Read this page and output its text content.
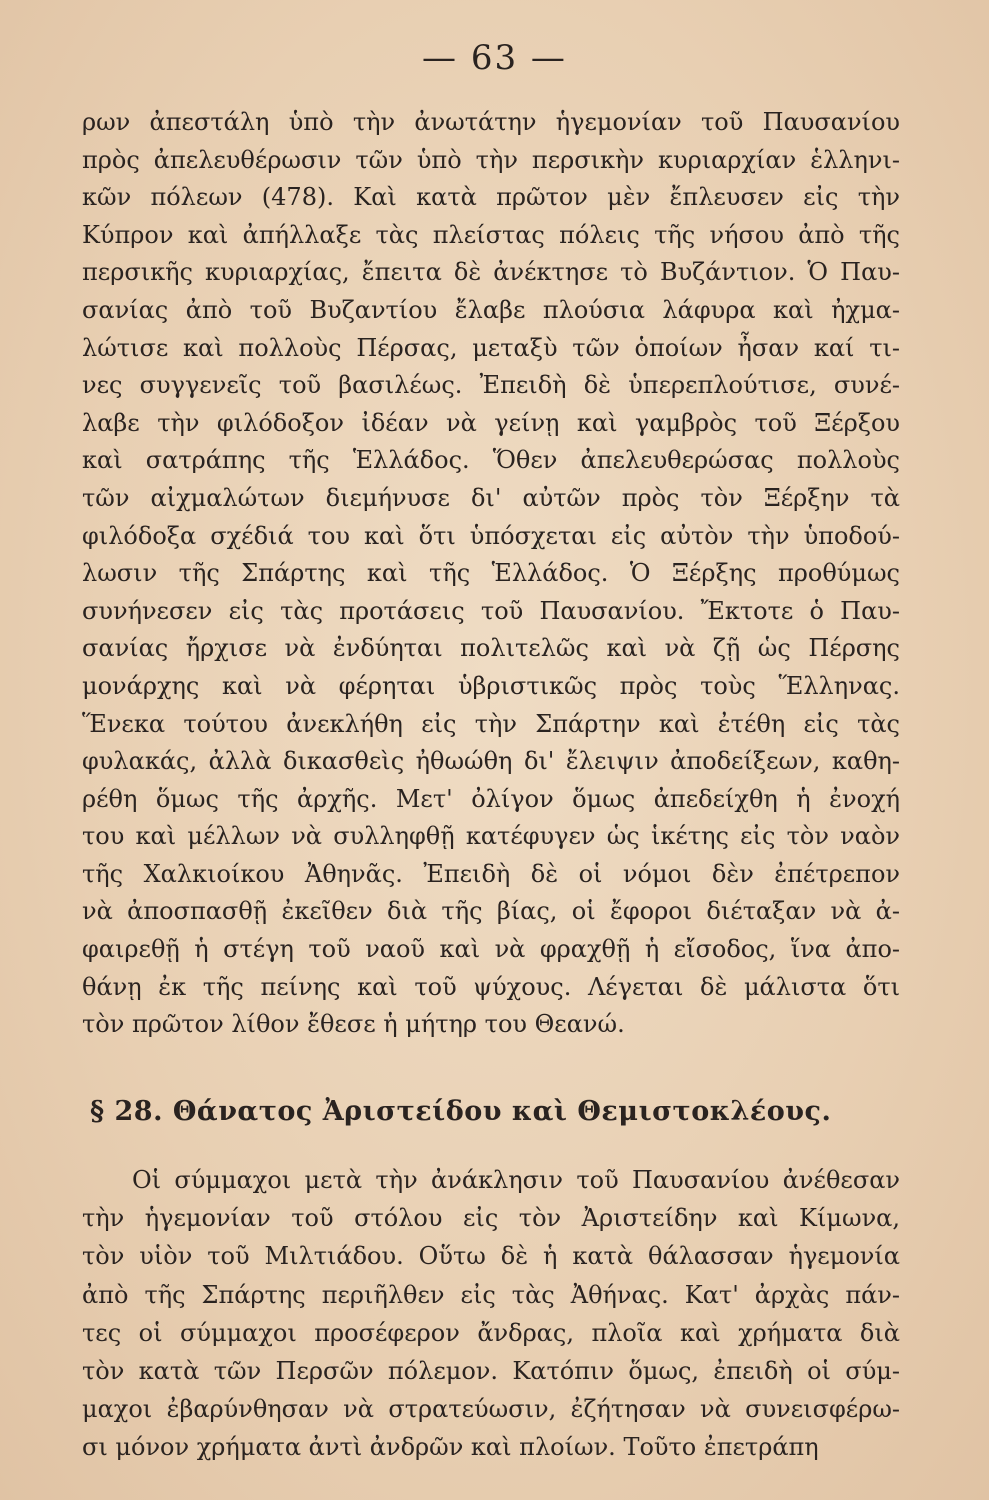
— 63 —
ρων ἀπεστάλη ὑπὸ τὴν ἀνωτάτην ἡγεμονίαν τοῦ Παυσανίου
πρὸς ἀπελευθέρωσιν τῶν ὑπὸ τὴν περσικὴν κυριαρχίαν ἑλληνι-
κῶν πόλεων (478). Καὶ κατὰ πρῶτον μὲν ἔπλευσεν εἰς τὴν
Κύπρον καὶ ἀπήλλαξε τὰς πλείστας πόλεις τῆς νήσου ἀπὸ τῆς
περσικῆς κυριαρχίας, ἔπειτα δὲ ἀνέκτησε τὸ Βυζάντιον. Ὁ Παυ-
σανίας ἀπὸ τοῦ Βυζαντίου ἔλαβε πλούσια λάφυρα καὶ ἠχμα-
λώτισε καὶ πολλοὺς Πέρσας, μεταξὺ τῶν ὁποίων ἦσαν καί τι-
νες συγγενεῖς τοῦ βασιλέως. Ἐπειδὴ δὲ ὑπερεπλούτισε, συνέ-
λαβε τὴν φιλόδοξον ἰδέαν νὰ γείνῃ καὶ γαμβρὸς τοῦ Ξέρξου
καὶ σατράπης τῆς Ἑλλάδος. Ὅθεν ἀπελευθερώσας πολλοὺς
τῶν αἰχμαλώτων διεμήνυσε δι' αὐτῶν πρὸς τὸν Ξέρξην τὰ
φιλόδοξα σχέδιά του καὶ ὅτι ὑπόσχεται εἰς αὐτὸν τὴν ὑποδού-
λωσιν τῆς Σπάρτης καὶ τῆς Ἑλλάδος. Ὁ Ξέρξης προθύμως
συνήνεσεν εἰς τὰς προτάσεις τοῦ Παυσανίου. Ἔκτοτε ὁ Παυ-
σανίας ἤρχισε νὰ ἐνδύηται πολιτελῶς καὶ νὰ ζῇ ὡς Πέρσης
μονάρχης καὶ νὰ φέρηται ὑβριστικῶς πρὸς τοὺς Ἕλληνας.
Ἕνεκα τούτου ἀνεκλήθη εἰς τὴν Σπάρτην καὶ ἐτέθη εἰς τὰς
φυλακάς, ἀλλὰ δικασθεὶς ἠθωώθη δι' ἔλειψιν ἀποδείξεων, καθη-
ρέθη ὅμως τῆς ἀρχῆς. Μετ' ὀλίγον ὅμως ἀπεδείχθη ἡ ἐνοχή
του καὶ μέλλων νὰ συλληφθῇ κατέφυγεν ὡς ἱκέτης εἰς τὸν ναὸν
τῆς Χαλκιοίκου Ἀθηνᾶς. Ἐπειδὴ δὲ οἱ νόμοι δὲν ἐπέτρεπον
νὰ ἀποσπασθῇ ἐκεῖθεν διὰ τῆς βίας, οἱ ἔφοροι διέταξαν νὰ ἀ-
φαιρεθῇ ἡ στέγη τοῦ ναοῦ καὶ νὰ φραχθῇ ἡ εἴσοδος, ἵνα ἀπο-
θάνῃ ἐκ τῆς πείνης καὶ τοῦ ψύχους. Λέγεται δὲ μάλιστα ὅτι
τὸν πρῶτον λίθον ἔθεσε ἡ μήτηρ του Θεανώ.
§ 28. Θάνατος Ἀριστείδου καὶ Θεμιστοκλέους.
Οἱ σύμμαχοι μετὰ τὴν ἀνάκλησιν τοῦ Παυσανίου ἀνέθεσαν
τὴν ἡγεμονίαν τοῦ στόλου εἰς τὸν Ἀριστείδην καὶ Κίμωνα,
τὸν υἱὸν τοῦ Μιλτιάδου. Οὕτω δὲ ἡ κατὰ θάλασσαν ἡγεμονία
ἀπὸ τῆς Σπάρτης περιῆλθεν εἰς τὰς Ἀθήνας. Κατ' ἀρχὰς πάν-
τες οἱ σύμμαχοι προσέφερον ἄνδρας, πλοῖα καὶ χρήματα διὰ
τὸν κατὰ τῶν Περσῶν πόλεμον. Κατόπιν ὅμως, ἐπειδὴ οἱ σύμ-
μαχοι ἐβαρύνθησαν νὰ στρατεύωσιν, ἐζήτησαν νὰ συνεισφέρω-
σι μόνον χρήματα ἀντὶ ἀνδρῶν καὶ πλοίων. Τοῦτο ἐπετράπη
